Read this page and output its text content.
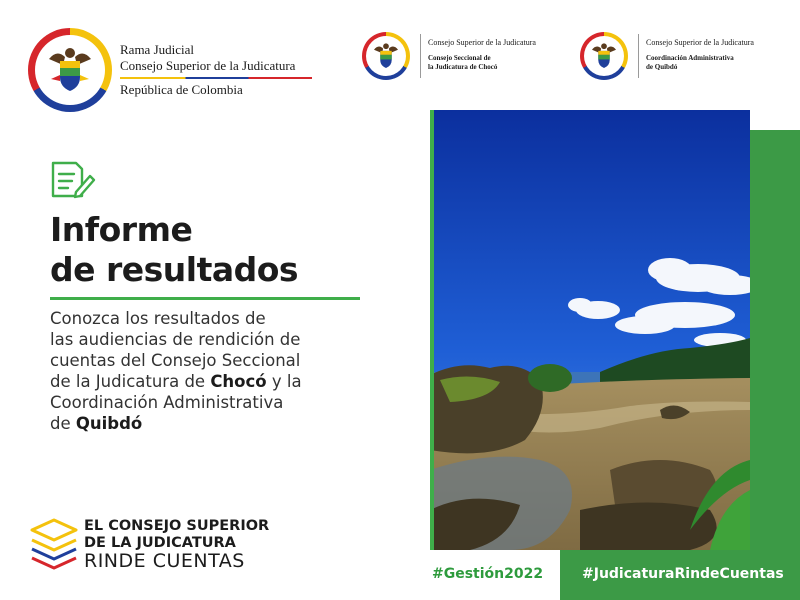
Rama Judicial
Consejo Superior de la Judicatura
República de Colombia
Consejo Superior de la Judicatura
Consejo Seccional de
la Judicatura de Chocó
Consejo Superior de la Judicatura
Coordinación Administrativa
de Quibdó
Informe
de resultados
Conozca los resultados de
las audiencias de rendición de
cuentas del Consejo Seccional
de la Judicatura de Chocó y la
Coordinación Administrativa
de Quibdó
EL CONSEJO SUPERIOR
DE LA JUDICATURA
RINDE CUENTAS
#Gestión2022	#JudicaturaRindeCuentas
